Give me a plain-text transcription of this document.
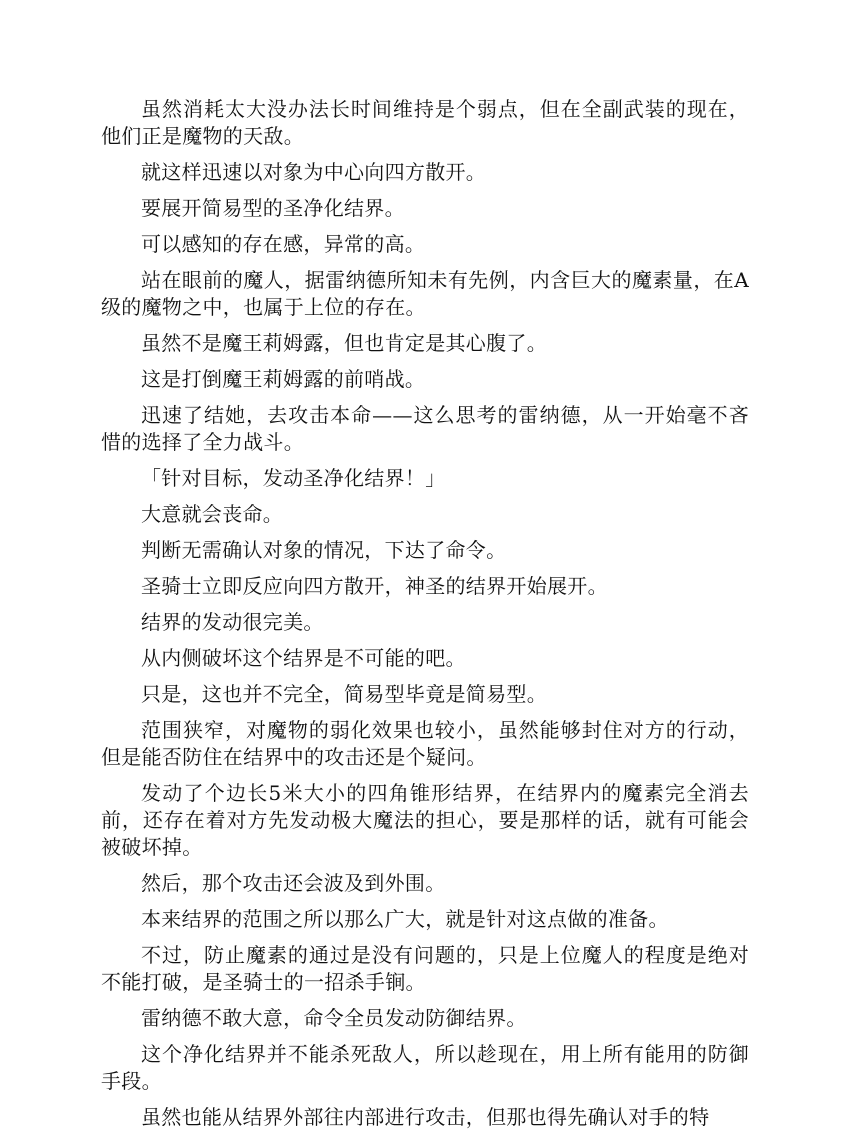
虽然消耗太大没办法长时间维持是个弱点，但在全副武装的现在，他们正是魔物的天敌。

就这样迅速以对象为中心向四方散开。

要展开简易型的圣净化结界。

可以感知的存在感，异常的高。

站在眼前的魔人，据雷纳德所知未有先例，内含巨大的魔素量，在A级的魔物之中，也属于上位的存在。

虽然不是魔王莉姆露，但也肯定是其心腹了。

这是打倒魔王莉姆露的前哨战。

迅速了结她，去攻击本命——这么思考的雷纳德，从一开始毫不吝惜的选择了全力战斗。

「针对目标，发动圣净化结界！」

大意就会丧命。

判断无需确认对象的情况，下达了命令。

圣骑士立即反应向四方散开，神圣的结界开始展开。

结界的发动很完美。

从内侧破坏这个结界是不可能的吧。

只是，这也并不完全，简易型毕竟是简易型。

范围狭窄，对魔物的弱化效果也较小，虽然能够封住对方的行动，但是能否防住在结界中的攻击还是个疑问。

发动了个边长5米大小的四角锥形结界，在结界内的魔素完全消去前，还存在着对方先发动极大魔法的担心，要是那样的话，就有可能会被破坏掉。

然后，那个攻击还会波及到外围。

本来结界的范围之所以那么广大，就是针对这点做的准备。

不过，防止魔素的通过是没有问题的，只是上位魔人的程度是绝对不能打破，是圣骑士的一招杀手锏。

雷纳德不敢大意，命令全员发动防御结界。

这个净化结界并不能杀死敌人，所以趁现在，用上所有能用的防御手段。

虽然也能从结界外部往内部进行攻击，但那也得先确认对手的特
